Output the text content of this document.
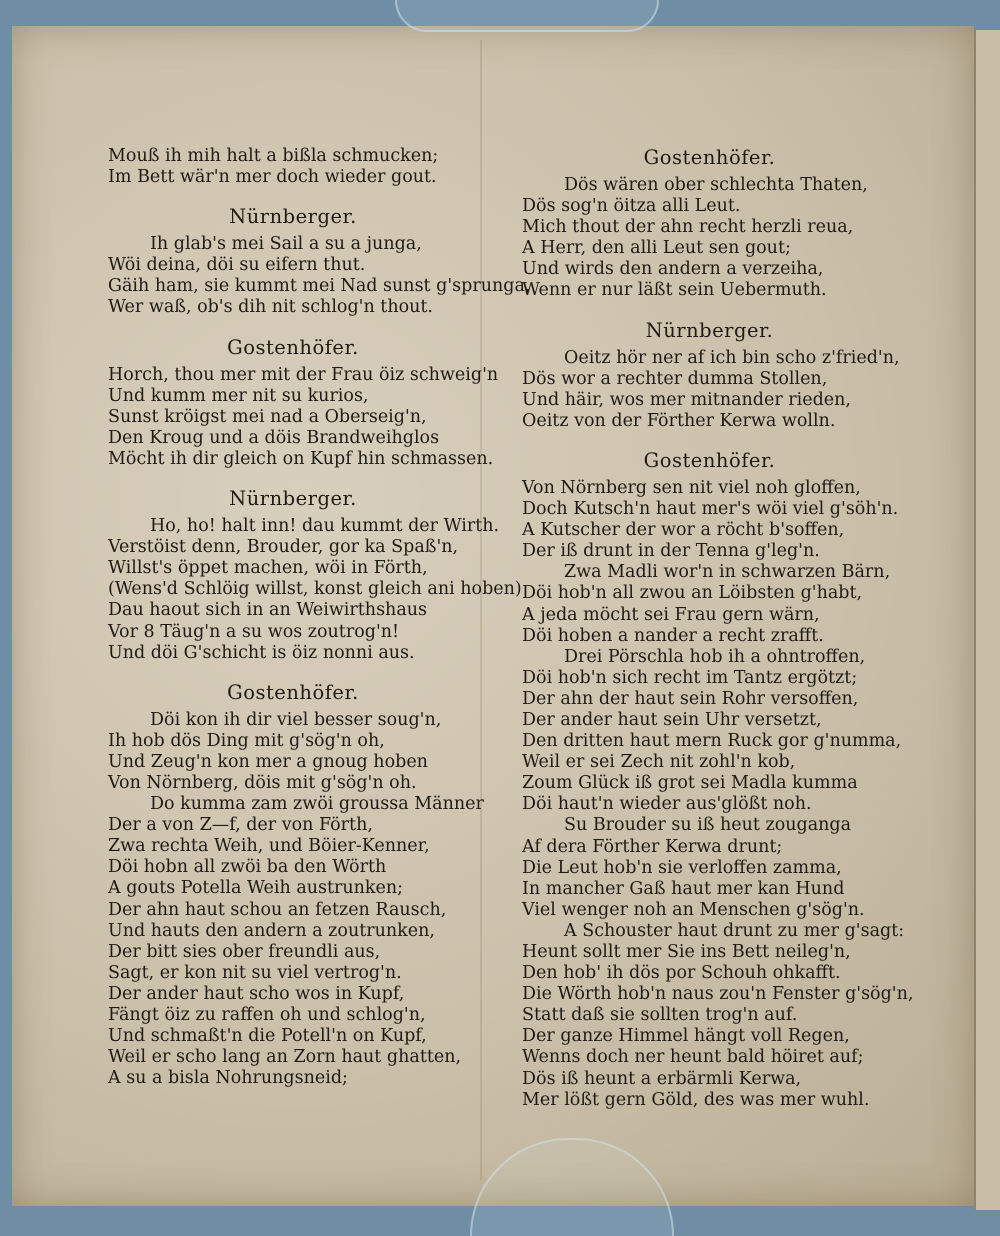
Mouß ih mih halt a bißla schmucken;
Im Bett wär'n mer doch wieder gout.
Nürnberger.
Ih glab's mei Sail a su a junga,
Wöi deina, döi su eifern thut.
Gäih ham, sie kummt mei Nad sunst g'sprunga,
Wer waß, ob's dih nit schlog'n thout.
Gostenhöfer.
Horch, thou mer mit der Frau öiz schweig'n
Und kumm mer nit su kurios,
Sunst kröigst mei nad a Oberseig'n,
Den Kroug und a döis Brandweihglos
Möcht ih dir gleich on Kupf hin schmassen.
Nürnberger.
Ho, ho! halt inn! dau kummt der Wirth.
Verstöist denn, Brouder, gor ka Spaß'n,
Willst's öppet machen, wöi in Förth,
(Wens'd Schlöig willst, konst gleich ani hoben)
Dau haout sich in an Weiwirthshaus
Vor 8 Täug'n a su wos zoutrog'n!
Und döi G'schicht is öiz nonni aus.
Gostenhöfer.
Döi kon ih dir viel besser soug'n,
Ih hob dös Ding mit g'sög'n oh,
Und Zeug'n kon mer a gnoug hoben
Von Nörnberg, döis mit g'sög'n oh.
Do kumma zam zwöi groussa Männer
Der a von Z—f, der von Förth,
Zwa rechta Weih, und Böier-Kenner,
Döi hobn all zwöi ba den Wörth
A gouts Potella Weih austrunken;
Der ahn haut schou an fetzen Rausch,
Und hauts den andern a zoutrunken,
Der bitt sies ober freundli aus,
Sagt, er kon nit su viel vertrog'n.
Der ander haut scho wos in Kupf,
Fängt öiz zu raffen oh und schlog'n,
Und schmaßt'n die Potell'n on Kupf,
Weil er scho lang an Zorn haut ghatten,
A su a bisla Nohrungsneid;
Gostenhöfer.
Dös wären ober schlechta Thaten,
Dös sog'n öitza alli Leut.
Mich thout der ahn recht herzli reua,
A Herr, den alli Leut sen gout;
Und wirds den andern a verzeiha,
Wenn er nur läßt sein Uebermuth.
Nürnberger.
Oeitz hör ner af ich bin scho z'fried'n,
Dös wor a rechter dumma Stollen,
Und häir, wos mer mitnander rieden,
Oeitz von der Förther Kerwa wolln.
Gostenhöfer.
Von Nörnberg sen nit viel noh gloffen,
Doch Kutsch'n haut mer's wöi viel g'söh'n.
A Kutscher der wor a röcht b'soffen,
Der iß drunt in der Tenna g'leg'n.
Zwa Madli wor'n in schwarzen Bärn,
Döi hob'n all zwou an Löibsten g'habt,
A jeda möcht sei Frau gern wärn,
Döi hoben a nander a recht zrafft.
Drei Pörschla hob ih a ohntroffen,
Döi hob'n sich recht im Tantz ergötzt;
Der ahn der haut sein Rohr versoffen,
Der ander haut sein Uhr versetzt,
Den dritten haut mern Ruck gor g'numma,
Weil er sei Zech nit zohl'n kob,
Zoum Glück iß grot sei Madla kumma
Döi haut'n wieder aus'glößt noh.
Su Brouder su iß heut zouganga
Af dera Förther Kerwa drunt;
Die Leut hob'n sie verloffen zamma,
In mancher Gaß haut mer kan Hund
Viel wenger noh an Menschen g'sög'n.
A Schouster haut drunt zu mer g'sagt:
Heunt sollt mer Sie ins Bett neileg'n,
Den hob' ih dös por Schouh ohkafft.
Die Wörth hob'n naus zou'n Fenster g'sög'n,
Statt daß sie sollten trog'n auf.
Der ganze Himmel hängt voll Regen,
Wenns doch ner heunt bald höiret auf;
Dös iß heunt a erbärmli Kerwa,
Mer lößt gern Göld, des was mer wuhl.
